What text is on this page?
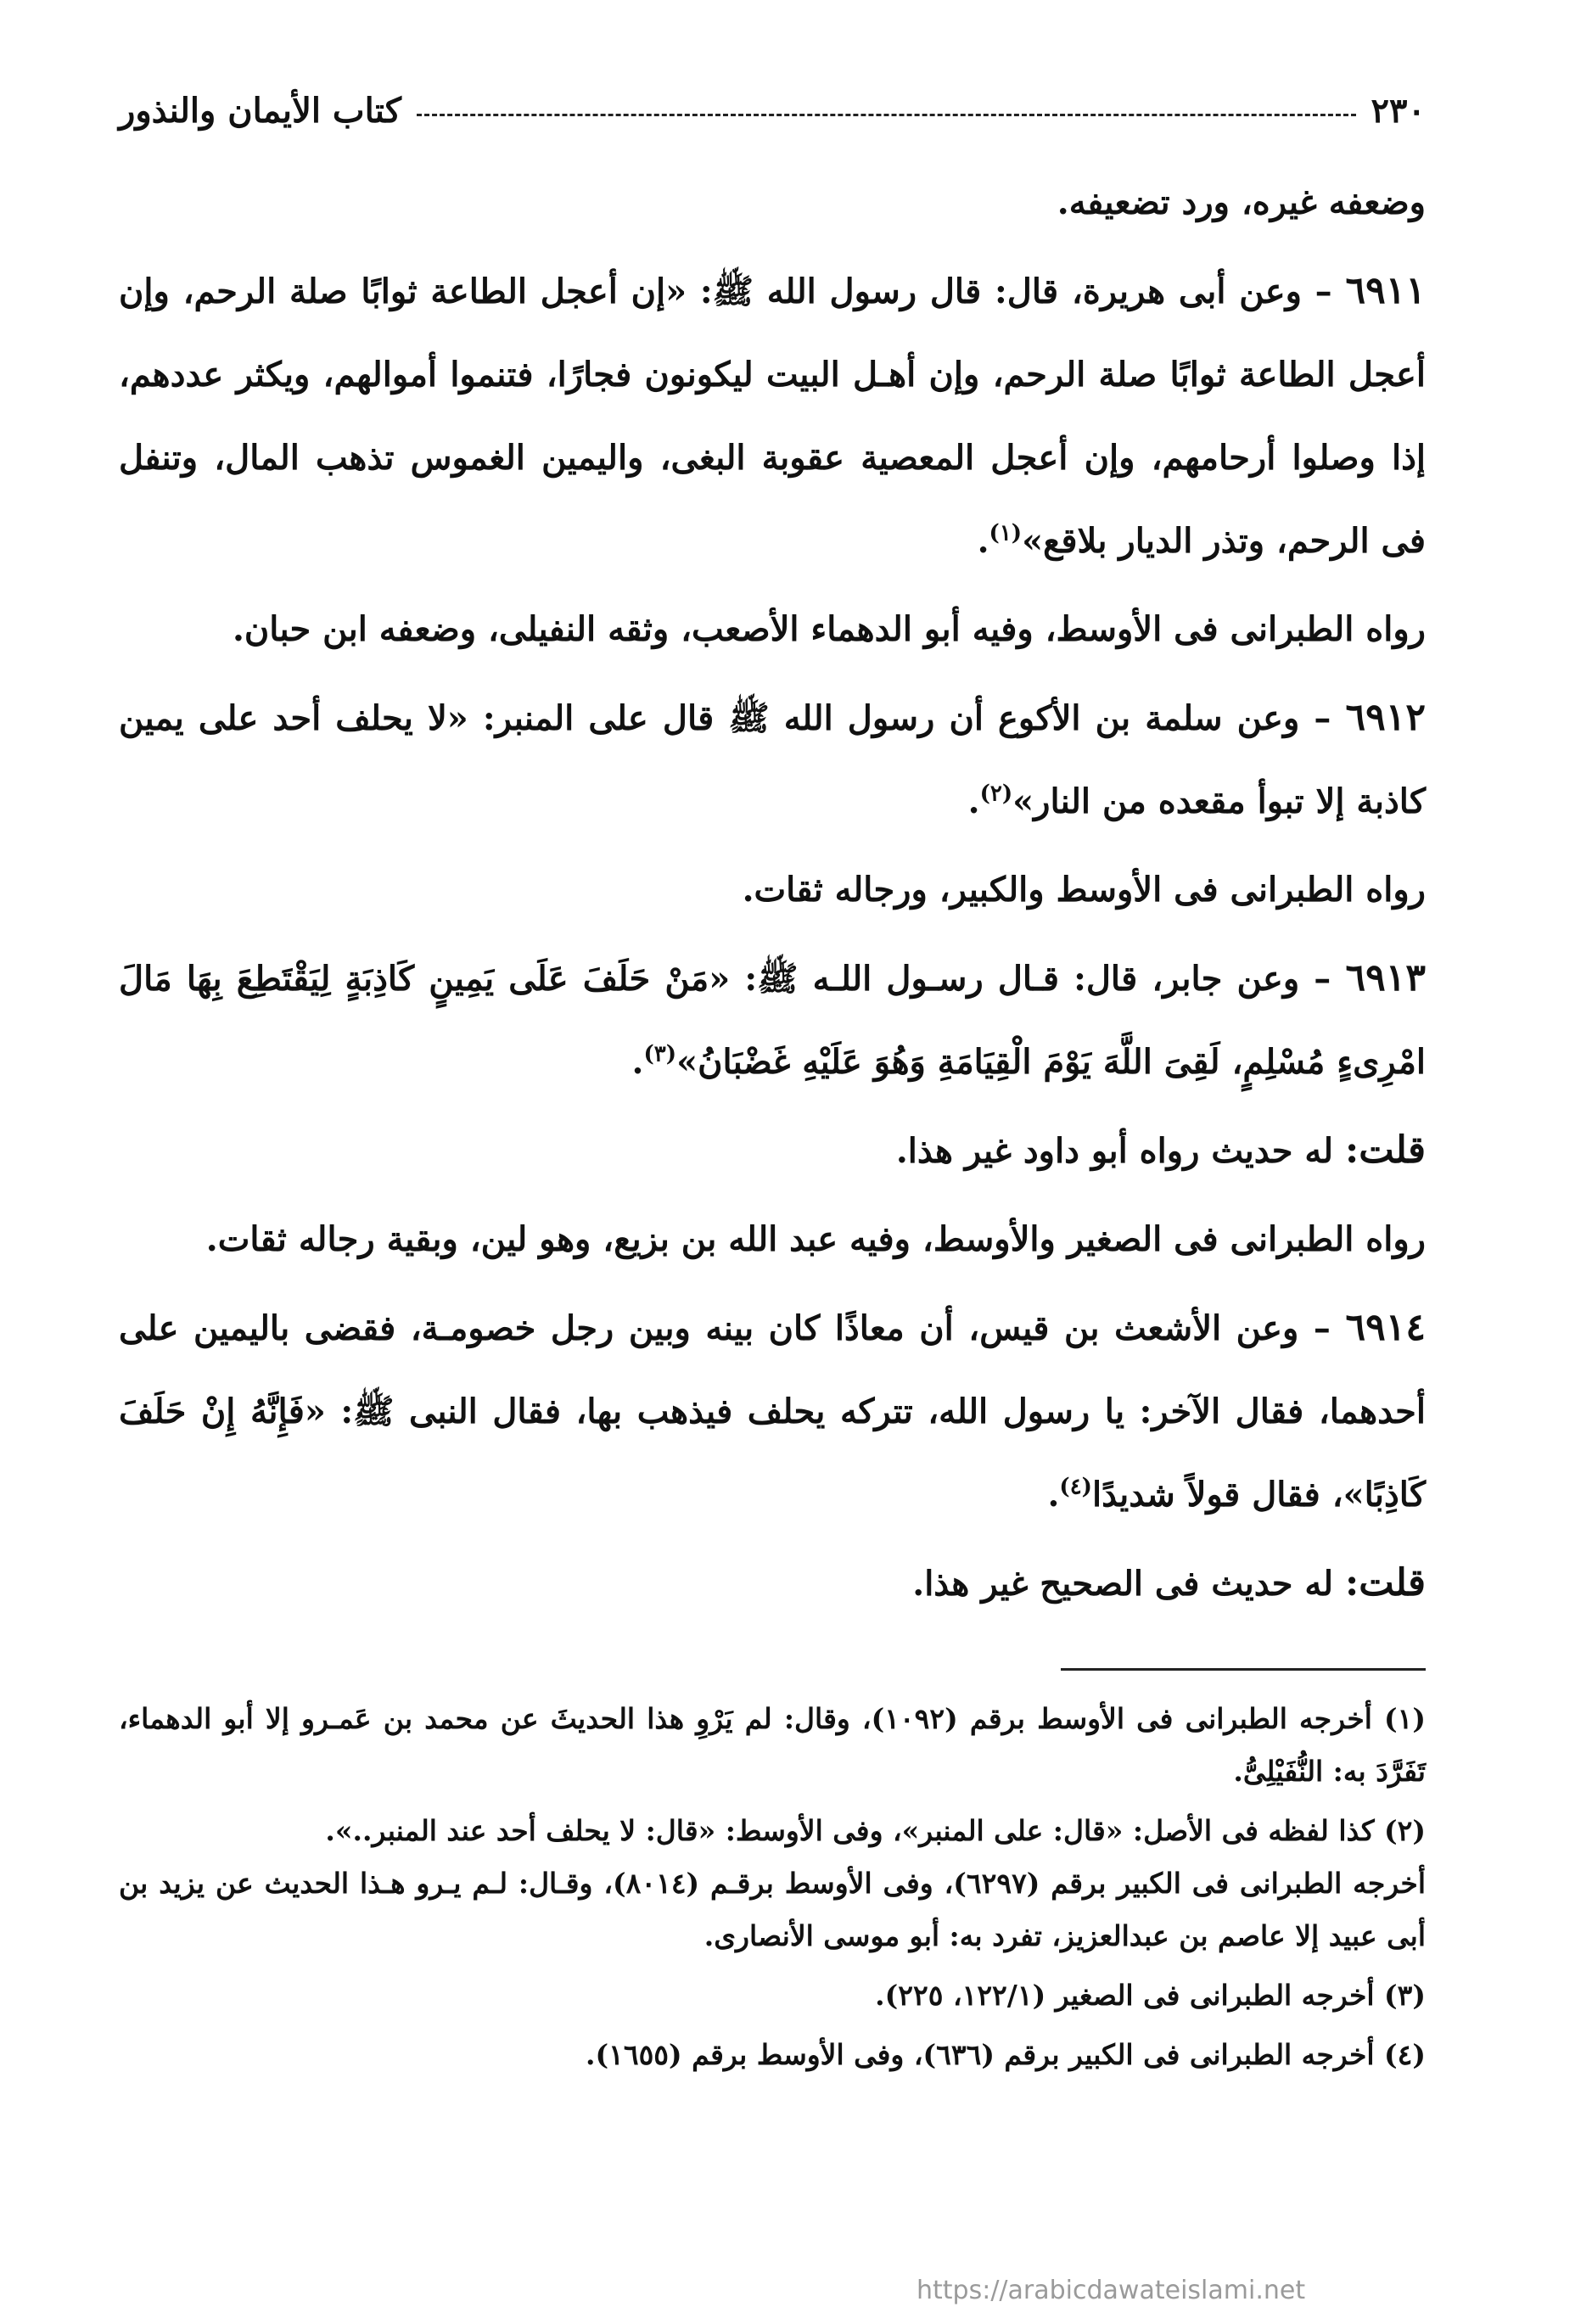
٢٣٠
كتاب الأيمان والنذور

وضعفه غيره، ورد تضعيفه.

٦٩١١ – وعن أبى هريرة، قال: قال رسول الله ﷺ: «إن أعجل الطاعة ثوابًا صلة الرحم، وإن أعجل الطاعة ثوابًا صلة الرحم، وإن أهـل البيت ليكونون فجارًا، فتنموا أموالهم، ويكثر عددهم، إذا وصلوا أرحامهم، وإن أعجل المعصية عقوبة البغى، واليمين الغموس تذهب المال، وتنفل فى الرحم، وتذر الديار بلاقع»$^{(١)}$.

رواه الطبرانى فى الأوسط، وفيه أبو الدهماء الأصعب، وثقه النفيلى، وضعفه ابن حبان.

٦٩١٢ – وعن سلمة بن الأكوع أن رسول الله ﷺ قال على المنبر: «لا يحلف أحد على يمين كاذبة إلا تبوأ مقعده من النار»$^{(٢)}$.

رواه الطبرانى فى الأوسط والكبير، ورجاله ثقات.

٦٩١٣ – وعن جابر، قال: قـال رسـول اللـه ﷺ: «مَنْ حَلَفَ عَلَى يَمِينٍ كَاذِبَةٍ لِيَقْتَطِعَ بِهَا مَالَ امْرِىءٍ مُسْلِمٍ، لَقِىَ اللَّهَ يَوْمَ الْقِيَامَةِ وَهُوَ عَلَيْهِ غَضْبَانُ»$^{(٣)}$.

قلت: له حديث رواه أبو داود غير هذا.

رواه الطبرانى فى الصغير والأوسط، وفيه عبد الله بن بزيع، وهو لين، وبقية رجاله ثقات.

٦٩١٤ – وعن الأشعث بن قيس، أن معاذًا كان بينه وبين رجل خصومـة، فقضى باليمين على أحدهما، فقال الآخر: يا رسول الله، تتركه يحلف فيذهب بها، فقال النبى ﷺ: «فَإِنَّهُ إِنْ حَلَفَ كَاذِبًا»، فقال قولاً شديدًا$^{(٤)}$.

قلت: له حديث فى الصحيح غير هذا.

(١) أخرجه الطبرانى فى الأوسط برقم (١٠٩٢)، وقال: لم يَرْوِ هذا الحديثَ عن محمد بن عَمـرو إلا أبو الدهماء، تَفَرَّدَ به: النُّفَيْلِىُّ.

(٢) كذا لفظه فى الأصل: «قال: على المنبر»، وفى الأوسط: «قال: لا يحلف أحد عند المنبر..».

أخرجه الطبرانى فى الكبير برقم (٦٢٩٧)، وفى الأوسط برقـم (٨٠١٤)، وقـال: لـم يـرو هـذا الحديث عن يزيد بن أبى عبيد إلا عاصم بن عبدالعزيز، تفرد به: أبو موسى الأنصارى.

(٣) أخرجه الطبرانى فى الصغير (١٢٢/١، ٢٢٥).

(٤) أخرجه الطبرانى فى الكبير برقم (٦٣٦)، وفى الأوسط برقم (١٦٥٥).

https://arabicdawateislami.net
